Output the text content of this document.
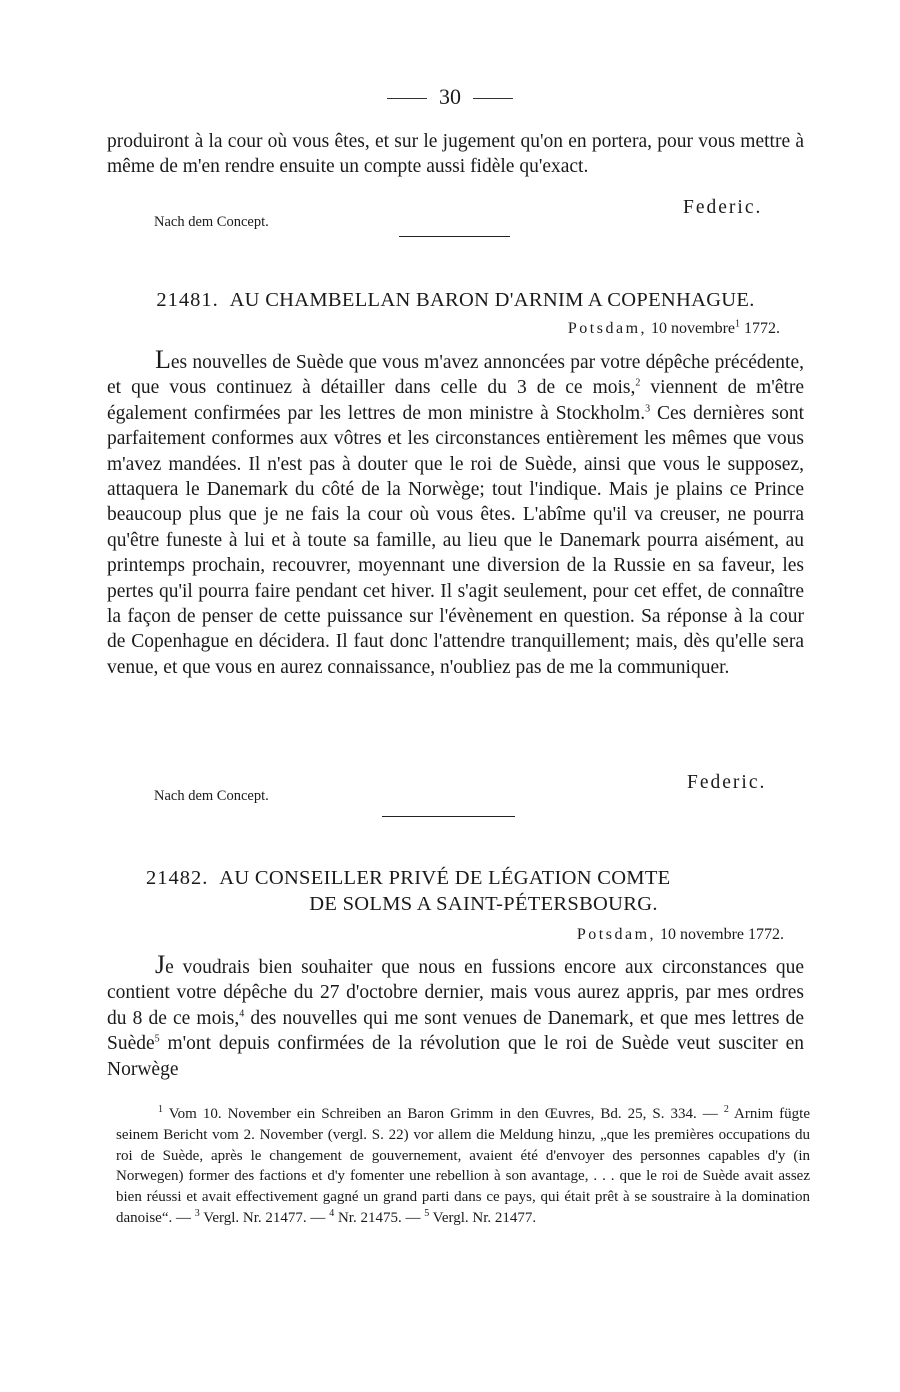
30
produiront à la cour où vous êtes, et sur le jugement qu'on en portera, pour vous mettre à même de m'en rendre ensuite un compte aussi fidèle qu'exact.
Federic.
Nach dem Concept.
21481. AU CHAMBELLAN BARON D'ARNIM A COPENHAGUE.
Potsdam, 10 novembre$^1$ 1772.
Les nouvelles de Suède que vous m'avez annoncées par votre dépêche précédente, et que vous continuez à détailler dans celle du 3 de ce mois,$^2$ viennent de m'être également confirmées par les lettres de mon ministre à Stockholm.$^3$ Ces dernières sont parfaitement conformes aux vôtres et les circonstances entièrement les mêmes que vous m'avez mandées. Il n'est pas à douter que le roi de Suède, ainsi que vous le supposez, attaquera le Danemark du côté de la Norwège; tout l'indique. Mais je plains ce Prince beaucoup plus que je ne fais la cour où vous êtes. L'abîme qu'il va creuser, ne pourra qu'être funeste à lui et à toute sa famille, au lieu que le Danemark pourra aisément, au printemps prochain, recouvrer, moyennant une diversion de la Russie en sa faveur, les pertes qu'il pourra faire pendant cet hiver. Il s'agit seulement, pour cet effet, de connaître la façon de penser de cette puissance sur l'évènement en question. Sa réponse à la cour de Copenhague en décidera. Il faut donc l'attendre tranquillement; mais, dès qu'elle sera venue, et que vous en aurez connaissance, n'oubliez pas de me la communiquer.
Federic.
Nach dem Concept.
21482. AU CONSEILLER PRIVÉ DE LÉGATION COMTE
DE SOLMS A SAINT-PÉTERSBOURG.
Potsdam, 10 novembre 1772.
Je voudrais bien souhaiter que nous en fussions encore aux circonstances que contient votre dépêche du 27 d'octobre dernier, mais vous aurez appris, par mes ordres du 8 de ce mois,$^4$ des nouvelles qui me sont venues de Danemark, et que mes lettres de Suède$^5$ m'ont depuis confirmées de la révolution que le roi de Suède veut susciter en Norwège
$^1$ Vom 10. November ein Schreiben an Baron Grimm in den Œuvres, Bd. 25, S. 334. — $^2$ Arnim fügte seinem Bericht vom 2. November (vergl. S. 22) vor allem die Meldung hinzu, „que les premières occupations du roi de Suède, après le changement de gouvernement, avaient été d'envoyer des personnes capables d'y (in Norwegen) former des factions et d'y fomenter une rebellion à son avantage, . . . que le roi de Suède avait assez bien réussi et avait effectivement gagné un grand parti dans ce pays, qui était prêt à se soustraire à la domination danoise“. — $^3$ Vergl. Nr. 21477. — $^4$ Nr. 21475. — $^5$ Vergl. Nr. 21477.
